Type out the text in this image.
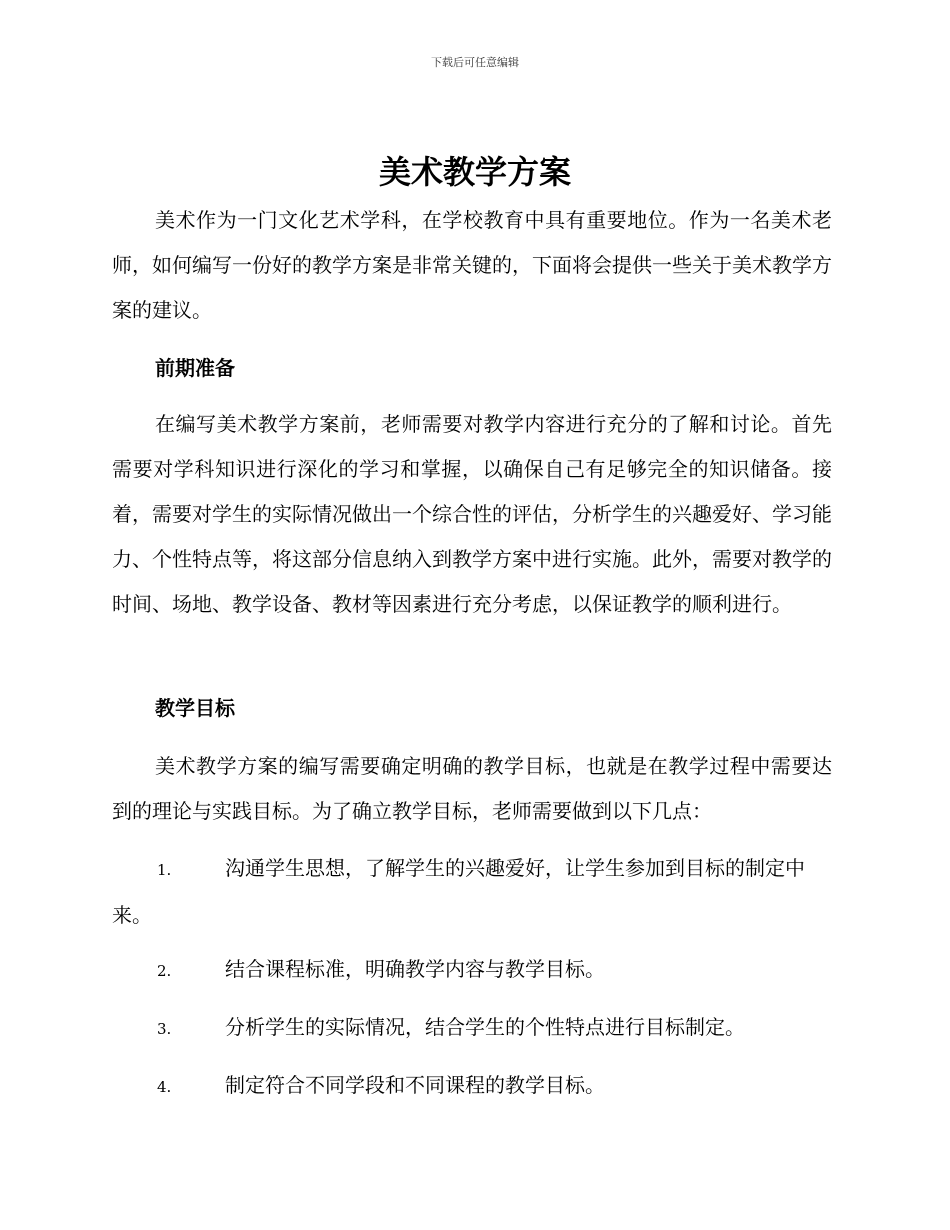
下载后可任意编辑
美术教学方案

美术作为一门文化艺术学科，在学校教育中具有重要地位。作为一名美术老师，如何编写一份好的教学方案是非常关键的，下面将会提供一些关于美术教学方案的建议。

前期准备

在编写美术教学方案前，老师需要对教学内容进行充分的了解和讨论。首先需要对学科知识进行深化的学习和掌握，以确保自己有足够完全的知识储备。接着，需要对学生的实际情况做出一个综合性的评估，分析学生的兴趣爱好、学习能力、个性特点等，将这部分信息纳入到教学方案中进行实施。此外，需要对教学的时间、场地、教学设备、教材等因素进行充分考虑，以保证教学的顺利进行。

教学目标

美术教学方案的编写需要确定明确的教学目标，也就是在教学过程中需要达到的理论与实践目标。为了确立教学目标，老师需要做到以下几点：

1.	沟通学生思想，了解学生的兴趣爱好，让学生参加到目标的制定中来。

2.	结合课程标准，明确教学内容与教学目标。

3.	分析学生的实际情况，结合学生的个性特点进行目标制定。

4.	制定符合不同学段和不同课程的教学目标。
